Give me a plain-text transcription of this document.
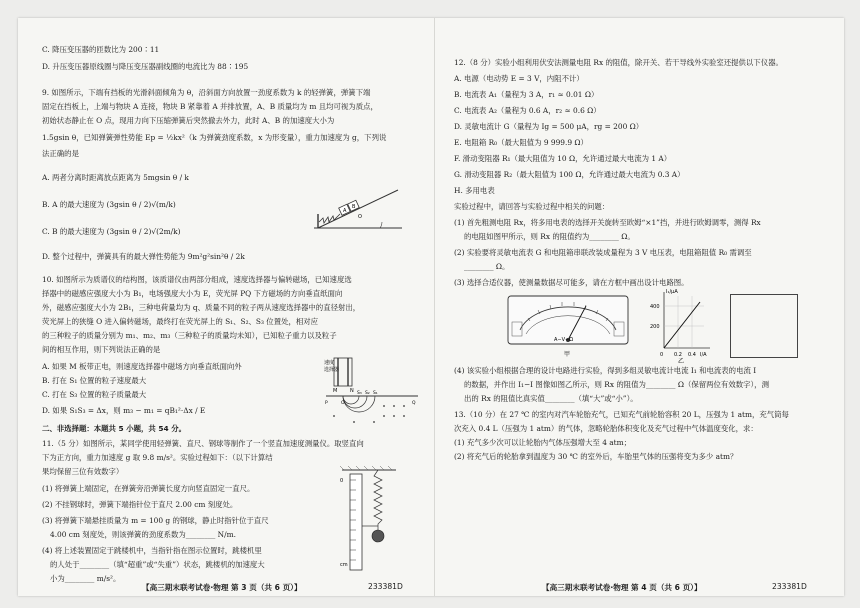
C. 降压变压器的匝数比为 200∶11
D. 升压变压器原线圈与降压变压器副线圈的电流比为 88∶195
9. 如图所示，下端有挡板的光滑斜面倾角为 θ，沿斜面方向放置一劲度系数为 k 的轻弹簧，弹簧下端
固定在挡板上，上端与物块 A 连接，物块 B 紧靠着 A 并排放置，A、B 质量均为 m 且均可视为质点，
初始状态静止在 O 点，现用力向下压缩弹簧后突然撤去外力，此时 A、B 的加速度大小为
1.5gsin θ，已知弹簧弹性势能 Ep = ½kx²（k 为弹簧劲度系数，x 为形变量），重力加速度为 g，下列说
法正确的是
A. 两者分离时距离放点距离为 5mgsin θ / k
B. A 的最大速度为 (3gsin θ / 2)√(m/k)
C. B 的最大速度为 (3gsin θ / 2)√(2m/k)
D. 整个过程中，弹簧具有的最大弹性势能为 9m²g²sin²θ / 2k
10. 如图所示为质谱仪的结构图，该质谱仪由两部分组成，速度选择器与偏转磁场，已知速度选
择器中的磁感应强度大小为 B₁，电场强度大小为 E，荧光屏 PQ 下方磁场的方向垂直纸面向
外，磁感应强度大小为 2B₁，三种电荷量均为 q、质量不同的粒子两从速度选择器中的直径射出，
荧光屏上的狭缝 O 进入偏转磁场，最终打在荧光屏上的 S₁、S₂、S₃ 位置处，相对应
的三种粒子的质量分别为 m₁、m₂、m₃（三种粒子的质量均未知），已知粒子重力以及粒子
间的相互作用，则下列说法正确的是
A. 如果 M 板带正电，则速度选择器中磁场方向垂直纸面向外
B. 打在 S₁ 位置的粒子速度最大
C. 打在 S₃ 位置的粒子质量最大
D. 如果 S₁S₃ = Δx，则 m₃ − m₁ = qB₁²·Δx / E
二、非选择题：本题共 5 小题，共 54 分。
11.（5 分）如图所示，某同学使用轻弹簧、直尺、钢球等制作了一个竖直加速度测量仪。取竖直向
下为正方向，重力加速度 g 取 9.8 m/s²。实验过程如下：（以下计算结
果均保留三位有效数字）
(1) 将弹簧上端固定，在弹簧旁沿弹簧长度方向竖直固定一直尺。
(2) 不挂钢球时，弹簧下端指针位于直尺 2.00 cm 刻度处。
(3) 将弹簧下端悬挂质量为 m = 100 g 的钢球，静止时指针位于直尺
4.00 cm 刻度处，则该弹簧的劲度系数为________ N/m.
(4) 将上述装置固定于跳楼机中，当指针指在图示位置时，跳楼机里
的人处于________（填“超重”或“失重”）状态，跳楼机的加速度大
小为________ m/s²。
A
B
O
速度
选择器
M	N S₃ S₂ S₁
O
P	Q
0
cm
【高三期末联考试卷·物理 第 3 页（共 6 页）】	233381D
12.（8 分）实验小组利用伏安法测量电阻 Rx 的阻值，除开关、若干导线外实验室还提供以下仪器。
A. 电源（电动势 E = 3 V，内阻不计）
B. 电流表 A₁（量程为 3 A，r₁ ≈ 0.01 Ω）
C. 电流表 A₂（量程为 0.6 A，r₂ ≈ 0.6 Ω）
D. 灵敏电流计 G（量程为 Ig = 500 μA，rg = 200 Ω）
E. 电阻箱 R₀（最大阻值为 9 999.9 Ω）
F. 滑动变阻器 R₁（最大阻值为 10 Ω，允许通过最大电流为 1 A）
G. 滑动变阻器 R₂（最大阻值为 100 Ω，允许通过最大电流为 0.3 A）
H. 多用电表
实验过程中，请回答与实验过程中相关的问题：
(1) 首先粗测电阻 Rx，将多用电表的选择开关旋转至欧姆“×1”挡，并进行欧姆调零，测得 Rx
的电阻如图甲所示，则 Rx 的阻值约为________ Ω。
(2) 实验要将灵敏电流表 G 和电阻箱串联改装成量程为 3 V 电压表，电阻箱阻值 R₀ 需调至
________ Ω。
(3) 选择合适仪器，使测量数据尽可能多，请在方框中画出设计电路图。
(4) 该实验小组根据合理的设计电路进行实验，得到多组灵敏电流计电流 I₁ 和电流表的电流 I
的数据，并作出 I₁−I 图像如图乙所示，则 Rx 的阻值为________ Ω（保留两位有效数字），测
出的 Rx 的阻值比真实值________（填“大”或“小”）。
13.（10 分）在 27 ℃ 的室内对汽车轮胎充气，已知充气前轮胎容积 20 L，压强为 1 atm，充气筒每
次充入 0.4 L（压强为 1 atm）的气体，忽略轮胎体积变化及充气过程中气体温度变化，求：
(1) 充气多少次可以让轮胎内气体压强增大至 4 atm；
(2) 将充气后的轮胎拿到温度为 30 ℃ 的室外后，车胎里气体的压强将变为多少 atm？
A−V−Ω
甲
I₁/μA
I/A
400
200
0 0.2 0.4
乙
【高三期末联考试卷·物理 第 4 页（共 6 页）】	233381D
